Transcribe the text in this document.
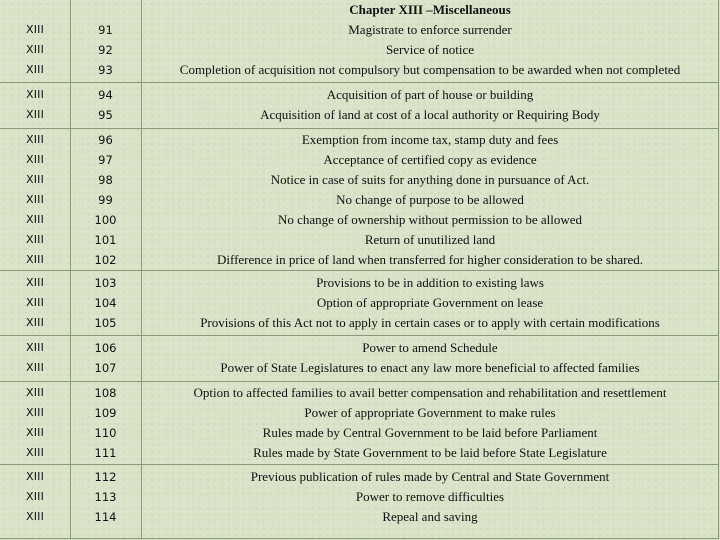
Chapter XIII –Miscellaneous
XIII
XIII
XIII
91
92
93
Magistrate to enforce surrender
Service of notice
Completion of acquisition not compulsory but compensation to be awarded when not completed
XIII
XIII
94
95
Acquisition of part of house or building
Acquisition of land at cost of a local authority or Requiring Body
XIII
XIII
XIII
XIII
XIII
XIII
XIII
96
97
98
99
100
101
102
Exemption from income tax, stamp duty and fees
Acceptance of certified copy as evidence
Notice in case of suits for anything done in pursuance of Act.
No change of purpose to be allowed
No change of ownership without permission to be allowed
Return of unutilized land
Difference in price of land when transferred for higher consideration to be shared.
XIII
XIII
XIII
103
104
105
Provisions to be in addition to existing laws
Option of appropriate Government on lease
Provisions of this Act not to apply in certain cases or to apply with certain modifications
XIII
XIII
106
107
Power to amend Schedule
Power of State Legislatures to enact any law more beneficial to affected families
XIII
XIII
XIII
XIII
108
109
110
111
Option to affected families to avail better compensation and rehabilitation and resettlement
Power of appropriate Government to make rules
Rules made by Central Government to be laid before Parliament
Rules made by State Government to be laid before State Legislature
XIII
XIII
XIII
112
113
114
Previous publication of rules made by Central and State Government
Power to remove difficulties
Repeal and saving
